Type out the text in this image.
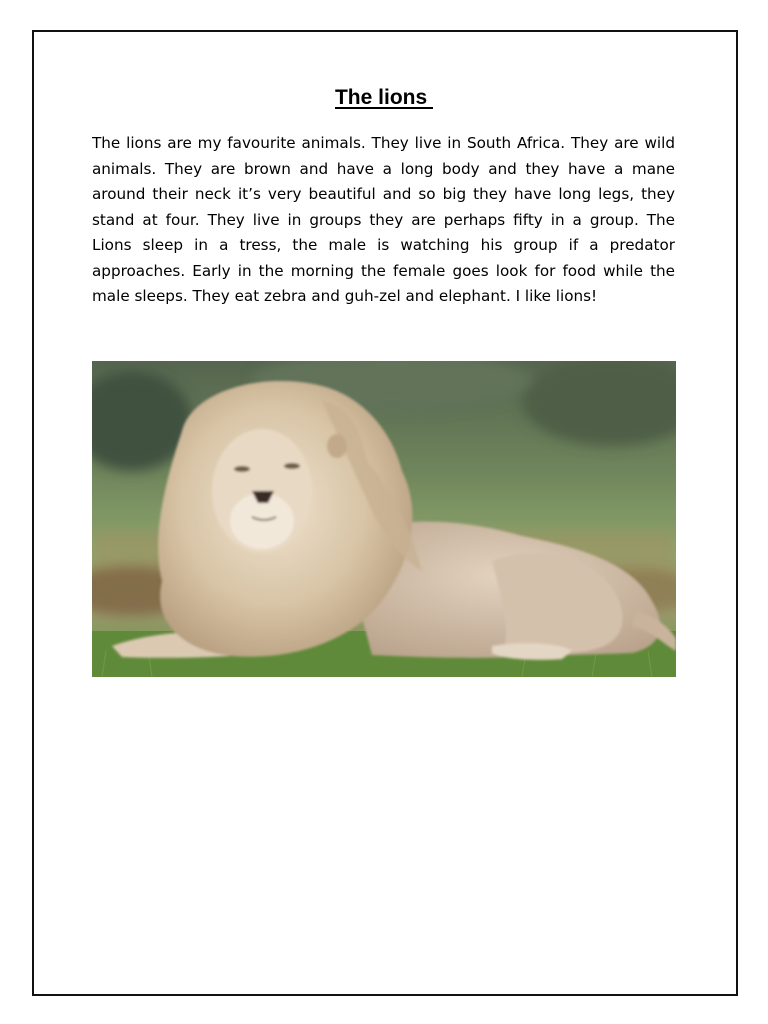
The lions

The lions are my favourite animals. They live in South Africa. They are wild animals. They are brown and have a long body and they have a mane around their neck it’s very beautiful and so big they have long legs, they stand at four. They live in groups they are perhaps fifty in a group. The Lions sleep in a tress, the male is watching his group if a predator approaches. Early in the morning the female goes look for food while the male sleeps. They eat zebra and guh-zel and elephant. I like lions!
